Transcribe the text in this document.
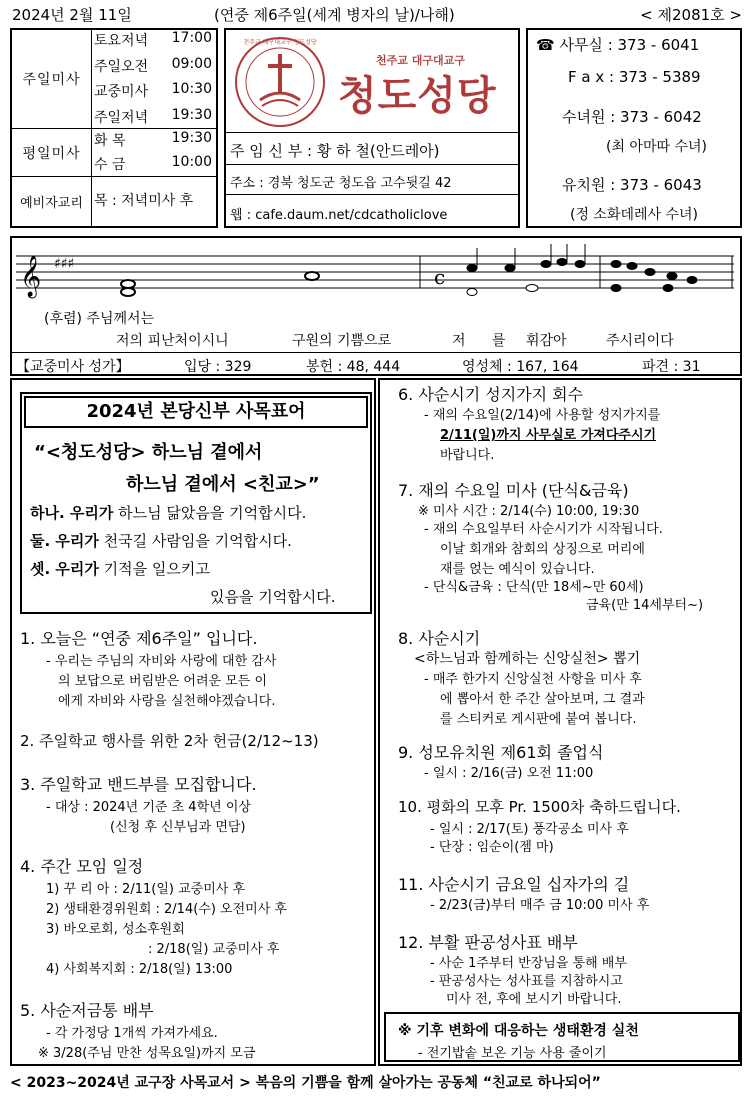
2024년 2월 11일	(연중 제6주일(세계 병자의 날)/나해)	< 제2081호 >
주일미사
토요저녁 17:00
주일오전 09:00
교중미사 10:30
주일저녁 19:30
평일미사
화 목	19:30
수 금	10:00
예비자교리 목 : 저녁미사 후
천주교 대구대교구 청도성당
천주교 대구대교구
청도성당
주 임 신 부 : 황 하 철(안드레아)
주소 : 경북 청도군 청도읍 고수뒷길 42
웹 : cafe.daum.net/cdcatholiclove
☎ 사무실 : 373 - 6041
F a x : 373 - 5389
수녀원 : 373 - 6042
(최 아마따 수녀)
유치원 : 373 - 6043
(정 소화데레사 수녀)
𝄞 ♯♯♯
c
(후렴) 주님께서는
저의 피난처이시니	구원의 기쁨으로	저 를 휘감아	주시리이다
【교중미사 성가】	입당 : 329	봉헌 : 48, 444	영성체 : 167, 164	파견 : 31
2024년 본당신부 사목표어
“<청도성당> 하느님 곁에서
하느님 곁에서 <친교>”
하나. 우리가 하느님 닮았음을 기억합시다.
둘. 우리가 천국길 사람임을 기억합시다.
셋. 우리가 기적을 일으키고
있음을 기억합시다.
1. 오늘은 “연중 제6주일” 입니다.
- 우리는 주님의 자비와 사랑에 대한 감사
의 보답으로 버림받은 어려운 모든 이
에게 자비와 사랑을 실천해야겠습니다.
2. 주일학교 행사를 위한 2차 헌금(2/12~13)
3. 주일학교 밴드부를 모집합니다.
- 대상 : 2024년 기준 초 4학년 이상
(신청 후 신부님과 면담)
4. 주간 모임 일정
1) 꾸 리 아 : 2/11(일) 교중미사 후
2) 생태환경위원회 : 2/14(수) 오전미사 후
3) 바오로회, 성소후원회
: 2/18(일) 교중미사 후
4) 사회복지회 : 2/18(일) 13:00
5. 사순저금통 배부
- 각 가정당 1개씩 가져가세요.
※ 3/28(주님 만찬 성목요일)까지 모금
6. 사순시기 성지가지 회수
- 재의 수요일(2/14)에 사용할 성지가지를
2/11(일)까지 사무실로 가져다주시기
바랍니다.
7. 재의 수요일 미사 (단식&금육)
※ 미사 시간 : 2/14(수) 10:00, 19:30
- 재의 수요일부터 사순시기가 시작됩니다.
이날 회개와 참회의 상징으로 머리에
재를 얹는 예식이 있습니다.
- 단식&금육 : 단식(만 18세~만 60세)
금육(만 14세부터~)
8. 사순시기
<하느님과 함께하는 신앙실천> 뽑기
- 매주 한가지 신앙실천 사항을 미사 후
에 뽑아서 한 주간 살아보며, 그 결과
를 스티커로 게시판에 붙여 봅니다.
9. 성모유치원 제61회 졸업식
- 일시 : 2/16(금) 오전 11:00
10. 평화의 모후 Pr. 1500차 축하드립니다.
- 일시 : 2/17(토) 풍각공소 미사 후
- 단장 : 임순이(젬 마)
11. 사순시기 금요일 십자가의 길
- 2/23(금)부터 매주 금 10:00 미사 후
12. 부활 판공성사표 배부
- 사순 1주부터 반장님을 통해 배부
- 판공성사는 성사표를 지참하시고
미사 전, 후에 보시기 바랍니다.
※ 기후 변화에 대응하는 생태환경 실천
- 전기밥솥 보온 기능 사용 줄이기
< 2023~2024년 교구장 사목교서 > 복음의 기쁨을 함께 살아가는 공동체 “친교로 하나되어”
